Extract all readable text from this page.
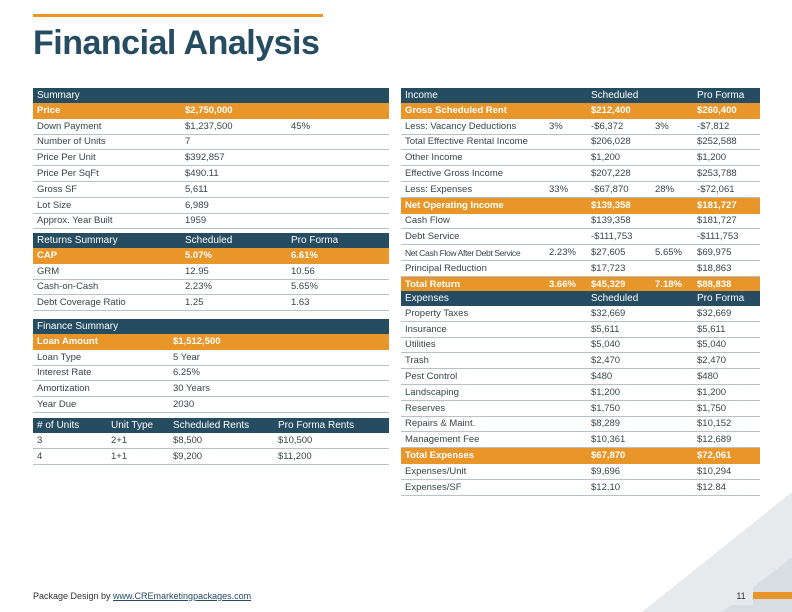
Financial Analysis
Summary		
Price	$2,750,000	
Down Payment	$1,237,500	45%
Number of Units	7	
Price Per Unit	$392,857	
Price Per SqFt	$490.11	
Gross SF	5,611	
Lot Size	6,989	
Approx. Year Built	1959	
Returns Summary	Scheduled	Pro Forma
CAP	5.07%	6.61%
GRM	12.95	10.56
Cash-on-Cash	2.23%	5.65%
Debt Coverage Ratio	1.25	1.63
Finance Summary	
Loan Amount	$1,512,500
Loan Type	5 Year
Interest Rate	6.25%
Amortization	30 Years
Year Due	2030
# of Units	Unit Type	Scheduled Rents	Pro Forma Rents
3	2+1	$8,500	$10,500
4	1+1	$9,200	$11,200
Income		Scheduled		Pro Forma
Gross Scheduled Rent		$212,400		$260,400
Less: Vacancy Deductions	3%	-$6,372	3%	-$7,812
Total Effective Rental Income		$206,028		$252,588
Other Income		$1,200		$1,200
Effective Gross Income		$207,228		$253,788
Less: Expenses	33%	-$67,870	28%	-$72,061
Net Operating Income		$139,358		$181,727
Cash Flow		$139,358		$181,727
Debt Service		-$111,753		-$111,753
Net Cash Flow After Debt Service	2.23%	$27,605	5.65%	$69,975
Principal Reduction		$17,723		$18,863
Total Return	3.66%	$45,329	7.18%	$88,838
Expenses	Scheduled	Pro Forma
Property Taxes	$32,669	$32,669
Insurance	$5,611	$5,611
Utilities	$5,040	$5,040
Trash	$2,470	$2,470
Pest Control	$480	$480
Landscaping	$1,200	$1,200
Reserves	$1,750	$1,750
Repairs & Maint.	$8,289	$10,152
Management Fee	$10,361	$12,689
Total Expenses	$67,870	$72,061
Expenses/Unit	$9,696	$10,294
Expenses/SF	$12.10	$12.84
Package Design by www.CREmarketingpackages.com	11
